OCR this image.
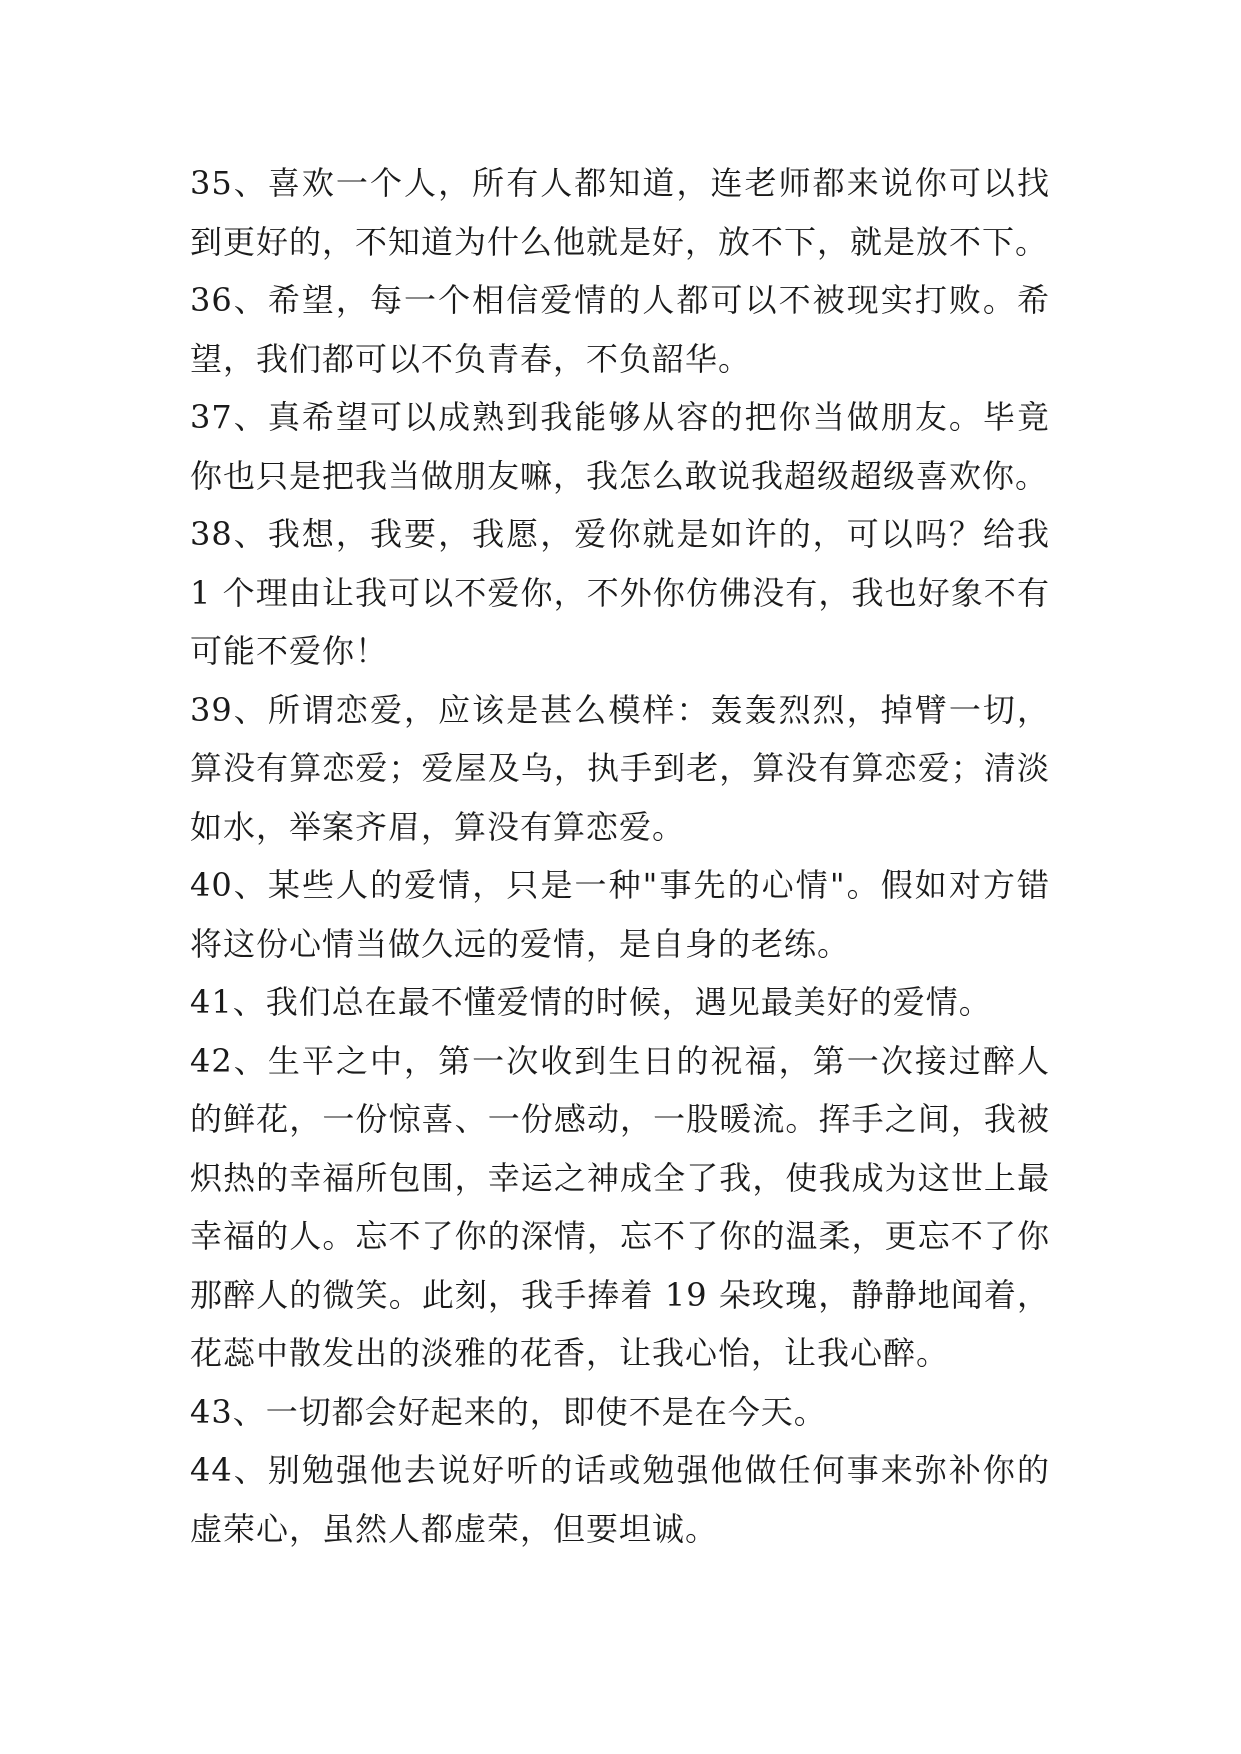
35、喜欢一个人，所有人都知道，连老师都来说你可以找到更好的，不知道为什么他就是好，放不下，就是放不下。

36、希望，每一个相信爱情的人都可以不被现实打败。希望，我们都可以不负青春，不负韶华。

37、真希望可以成熟到我能够从容的把你当做朋友。毕竟你也只是把我当做朋友嘛，我怎么敢说我超级超级喜欢你。

38、我想，我要，我愿，爱你就是如许的，可以吗？给我 1 个理由让我可以不爱你，不外你仿佛没有，我也好象不有可能不爱你！

39、所谓恋爱，应该是甚么模样：轰轰烈烈，掉臂一切，算没有算恋爱；爱屋及乌，执手到老，算没有算恋爱；清淡如水，举案齐眉，算没有算恋爱。

40、某些人的爱情，只是一种"事先的心情"。假如对方错将这份心情当做久远的爱情，是自身的老练。

41、我们总在最不懂爱情的时候，遇见最美好的爱情。

42、生平之中，第一次收到生日的祝福，第一次接过醉人的鲜花，一份惊喜、一份感动，一股暖流。挥手之间，我被炽热的幸福所包围，幸运之神成全了我，使我成为这世上最幸福的人。忘不了你的深情，忘不了你的温柔，更忘不了你那醉人的微笑。此刻，我手捧着 19 朵玫瑰，静静地闻着，花蕊中散发出的淡雅的花香，让我心怡，让我心醉。

43、一切都会好起来的，即使不是在今天。

44、别勉强他去说好听的话或勉强他做任何事来弥补你的虚荣心，虽然人都虚荣，但要坦诚。
